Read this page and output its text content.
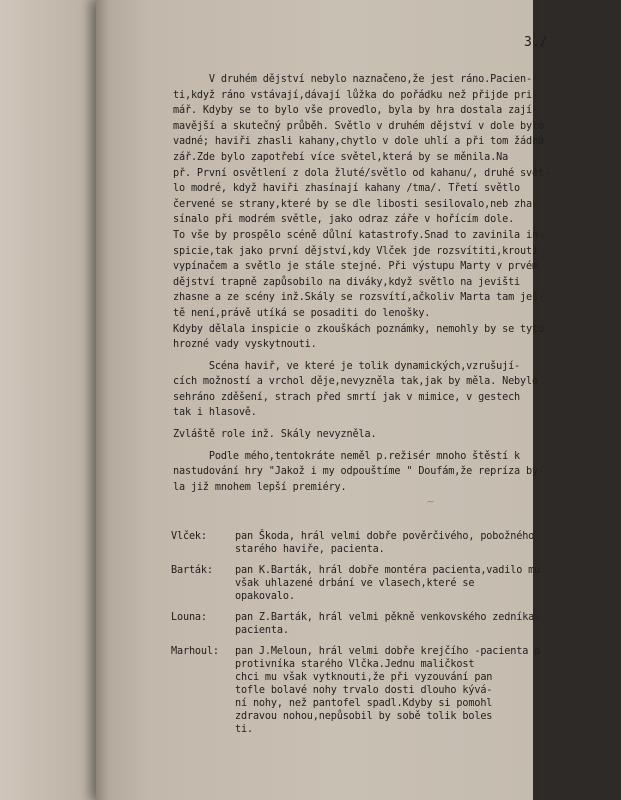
3./
~

V druhém dějství nebylo naznačeno,že jest ráno.Pacien-

ti,když ráno vstávají,dávají lůžka do pořádku než přijde pri-

mář. Kdyby se to bylo vše provedlo, byla by hra dostala zají-

mavější a skutečný průběh. Světlo v druhém dějství v dole bylo

vadné; haviři zhasli kahany,chytlo v dole uhlí a při tom žádná

zář.Zde bylo zapotřebí více světel,která by se měnila.Na

př. První osvětlení z dola žluté/světlo od kahanu/, druhé svět-

lo modré, když haviři zhasínají kahany /tma/. Třetí světlo

červené se strany,které by se dle libosti sesilovalo,neb zha-

sínalo při modrém světle, jako odraz záře v hořícím dole.

To vše by prospělo scéně důlní katastrofy.Snad to zavinila in-

spicie,tak jako první dějství,kdy Vlček jde rozsvítiti,kroutí

vypínačem a světlo je stále stejné. Při výstupu Marty v prvém

dějství trapně zapůsobilo na diváky,když světlo na jevišti

zhasne a ze scény inž.Skály se rozsvítí,ačkoliv Marta tam ješ-

tě není,právě utíká se posaditi do lenošky.

Kdyby dělala inspicie o zkouškách poznámky, nemohly by se tyto

hrozné vady vyskytnouti.

Scéna haviř, ve které je tolik dynamických,vzrušují-

cích možností a vrchol děje,nevyzněla tak,jak by měla. Nebylo

sehráno zděšení, strach před smrtí jak v mimice, v gestech

tak i hlasově.

Zvláště role inž. Skály nevyzněla.

Podle mého,tentokráte neměl p.režisér mnoho štěstí k

nastudování hry "Jakož i my odpouštíme " Doufám,že repríza by-

la již mnohem lepší premiéry.

Vlček:	pan Škoda, hrál velmi dobře pověrčivého, pobožného
starého haviře, pacienta.
Barták:	pan K.Barták, hrál dobře montéra pacienta,vadilo mu
však uhlazené drbání ve vlasech,které se
opakovalo.
Louna:	pan Z.Barták, hrál velmi pěkně venkovského zedníka-
pacienta.
Marhoul:	pan J.Meloun, hrál velmi dobře krejčího -pacienta a
protivníka starého Vlčka.Jednu maličkost
chci mu však vytknouti,že při vyzouvání pan
tofle bolavé nohy trvalo dosti dlouho kývá-
ní nohy, než pantofel spadl.Kdyby si pomohl
zdravou nohou,nepůsobil by sobě tolik boles
ti.
